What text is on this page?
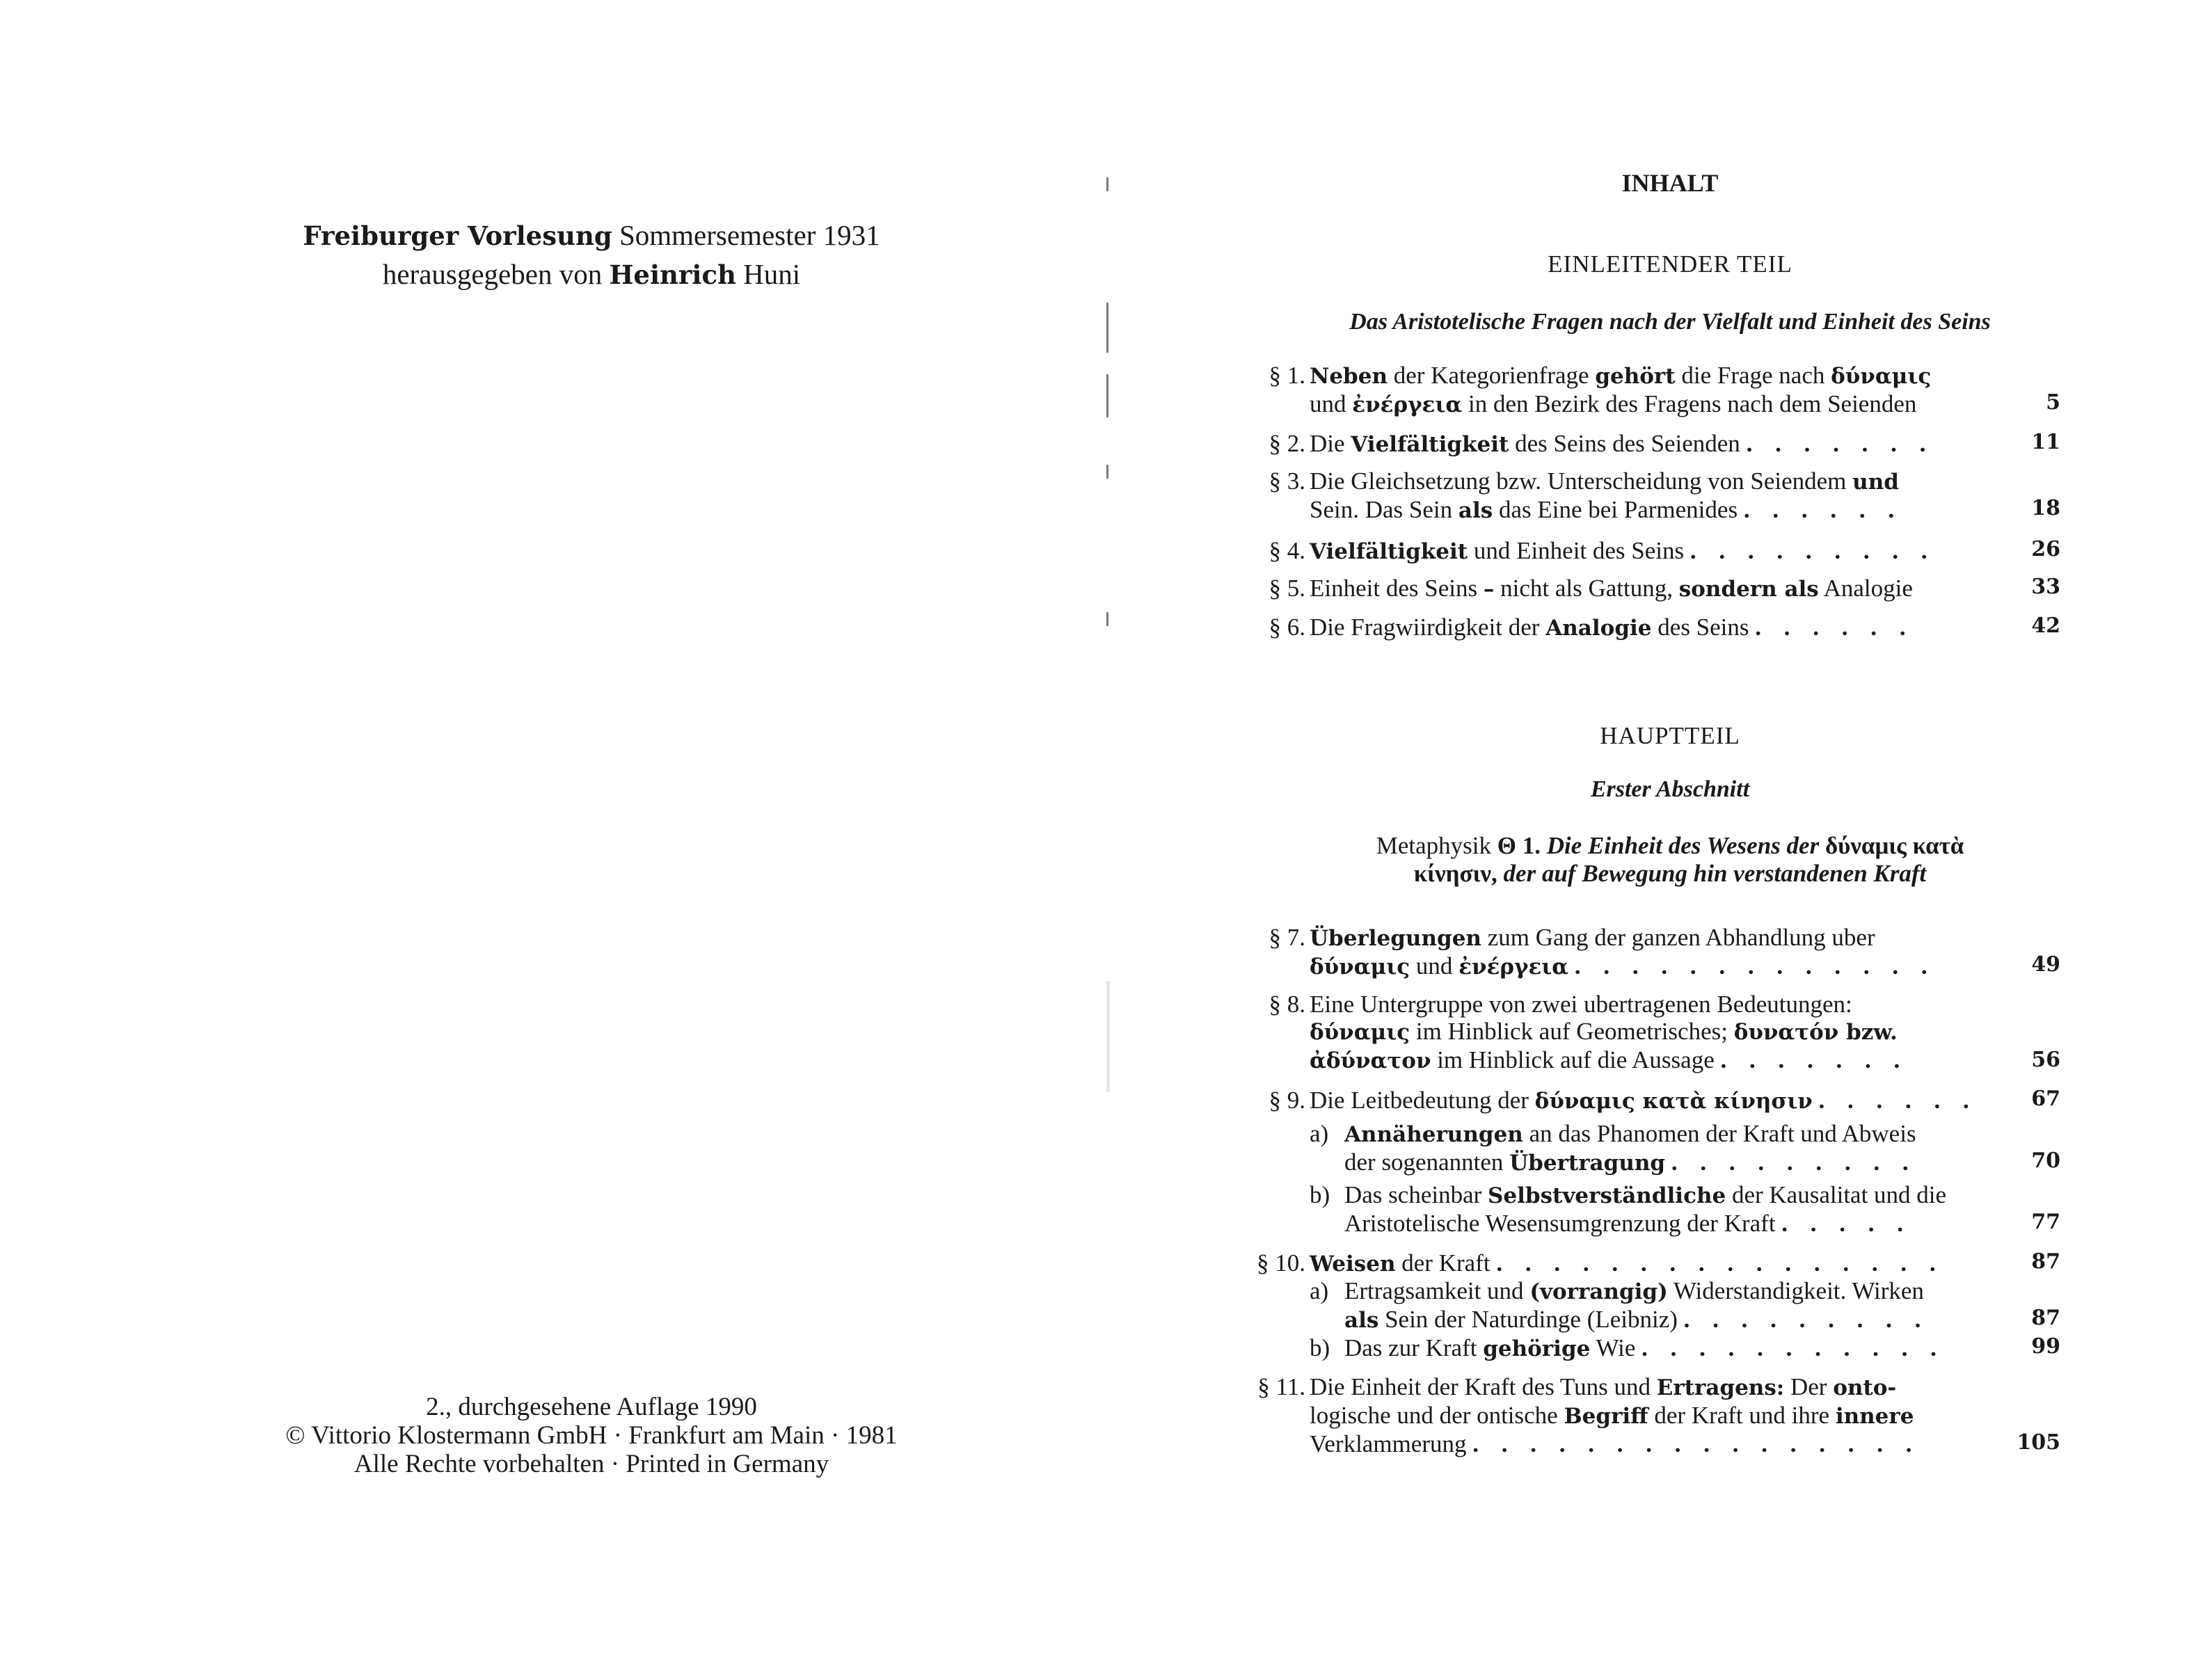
Freiburger Vorlesung Sommersemester 1931
herausgegeben von Heinrich Huni
2., durchgesehene Auflage 1990
© Vittorio Klostermann GmbH · Frankfurt am Main · 1981
Alle Rechte vorbehalten · Printed in Germany
INHALT
EINLEITENDER TEIL
Das Aristotelische Fragen nach der Vielfalt und Einheit des Seins
§ 1. Neben der Kategorienfrage gehört die Frage nach δύναμις
und ἐνέργεια in den Bezirk des Fragens nach dem Seienden	5
§ 2. Die Vielfältigkeit des Seins des Seienden . . . . . . .	11
§ 3. Die Gleichsetzung bzw. Unterscheidung von Seiendem und
Sein. Das Sein als das Eine bei Parmenides . . . . . .	18
§ 4. Vielfältigkeit und Einheit des Seins . . . . . . . . .	26
§ 5. Einheit des Seins – nicht als Gattung, sondern als Analogie	33
§ 6. Die Fragwiirdigkeit der Analogie des Seins . . . . . .	42
HAUPTTEIL
Erster Abschnitt
Metaphysik Θ 1. Die Einheit des Wesens der δύναμις κατὰ
κίνησιν, der auf Bewegung hin verstandenen Kraft
§ 7. Überlegungen zum Gang der ganzen Abhandlung uber
δύναμις und ἐνέργεια . . . . . . . . . . . . .	49
§ 8. Eine Untergruppe von zwei ubertragenen Bedeutungen:
δύναμις im Hinblick auf Geometrisches; δυνατόν bzw.
ἀδύνατον im Hinblick auf die Aussage . . . . . . .	56
§ 9. Die Leitbedeutung der δύναμις κατὰ κίνησιν . . . . . .	67
a) Annäherungen an das Phanomen der Kraft und Abweis
der sogenannten Übertragung . . . . . . . . .	70
b) Das scheinbar Selbstverständliche der Kausalitat und die
Aristotelische Wesensumgrenzung der Kraft . . . . .	77
§ 10. Weisen der Kraft . . . . . . . . . . . . . . . .	87
a) Ertragsamkeit und (vorrangig) Widerstandigkeit. Wirken
als Sein der Naturdinge (Leibniz) . . . . . . . . .	87
b) Das zur Kraft gehörige Wie . . . . . . . . . . .	99
§ 11. Die Einheit der Kraft des Tuns und Ertragens: Der onto-
logische und der ontische Begriff der Kraft und ihre innere
Verklammerung . . . . . . . . . . . . . . . .	105
